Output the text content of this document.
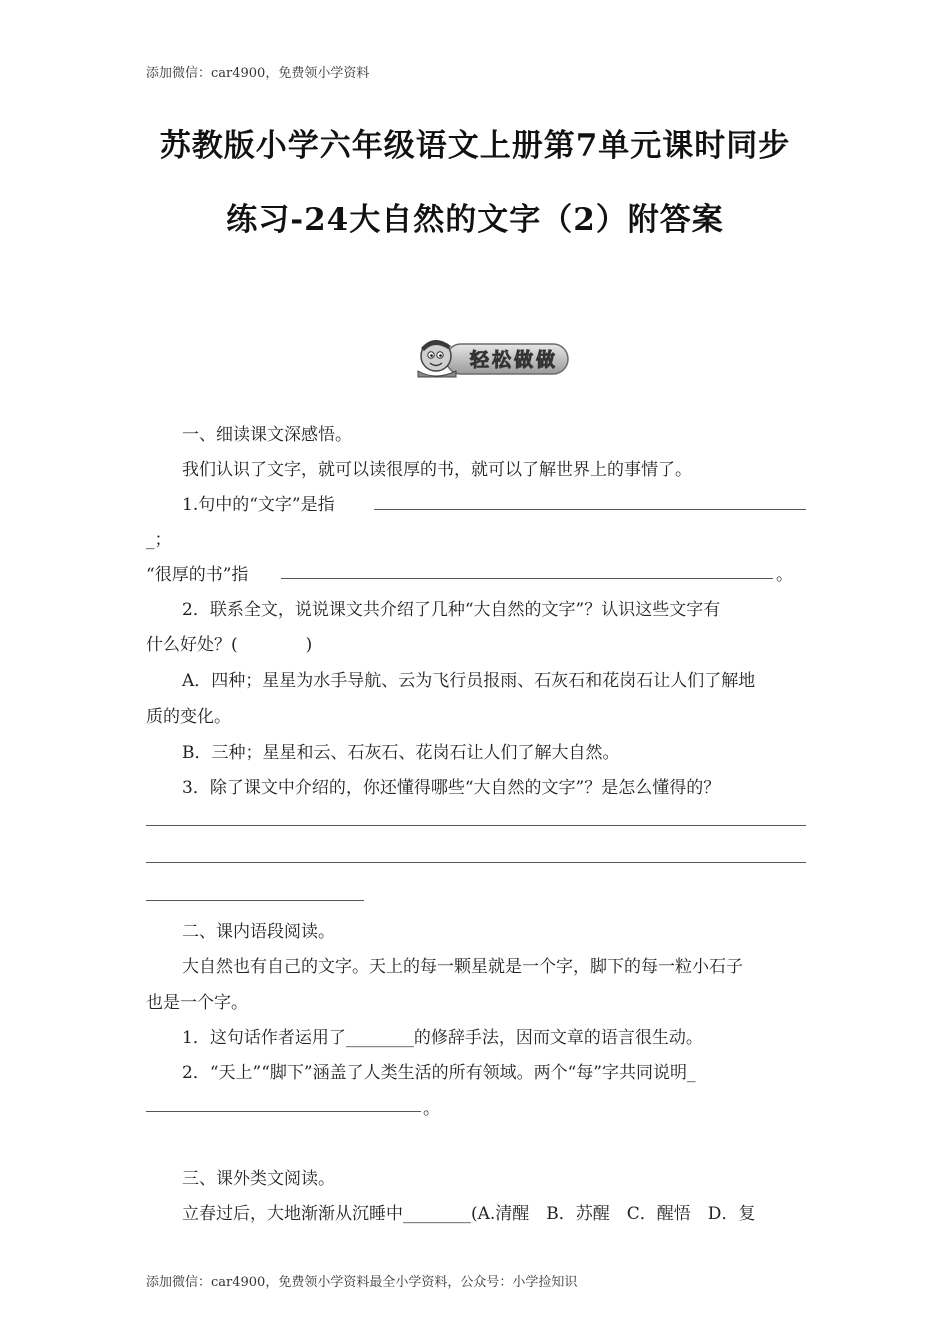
添加微信：car4900，免费领小学资料
苏教版小学六年级语文上册第7单元课时同步
练习-24大自然的文字（2）附答案
轻松做做
一、细读课文深感悟。
我们认识了文字，就可以读很厚的书，就可以了解世界上的事情了。
1.句中的“文字”是指
_；
“很厚的书”指	。
2．联系全文，说说课文共介绍了几种“大自然的文字”？认识这些文字有
什么好处？(　　　　)
A．四种；星星为水手导航、云为飞行员报雨、石灰石和花岗石让人们了解地
质的变化。
B．三种；星星和云、石灰石、花岗石让人们了解大自然。
3．除了课文中介绍的，你还懂得哪些“大自然的文字”？是怎么懂得的？
二、课内语段阅读。
大自然也有自己的文字。天上的每一颗星就是一个字，脚下的每一粒小石子
也是一个字。
1．这句话作者运用了________的修辞手法，因而文章的语言很生动。
2．“天上”“脚下”涵盖了人类生活的所有领域。两个“每”字共同说明_
。
三、课外类文阅读。
立春过后，大地渐渐从沉睡中________(A.清醒　B．苏醒　C．醒悟　D．复
添加微信：car4900，免费领小学资料最全小学资料，公众号：小学捡知识
